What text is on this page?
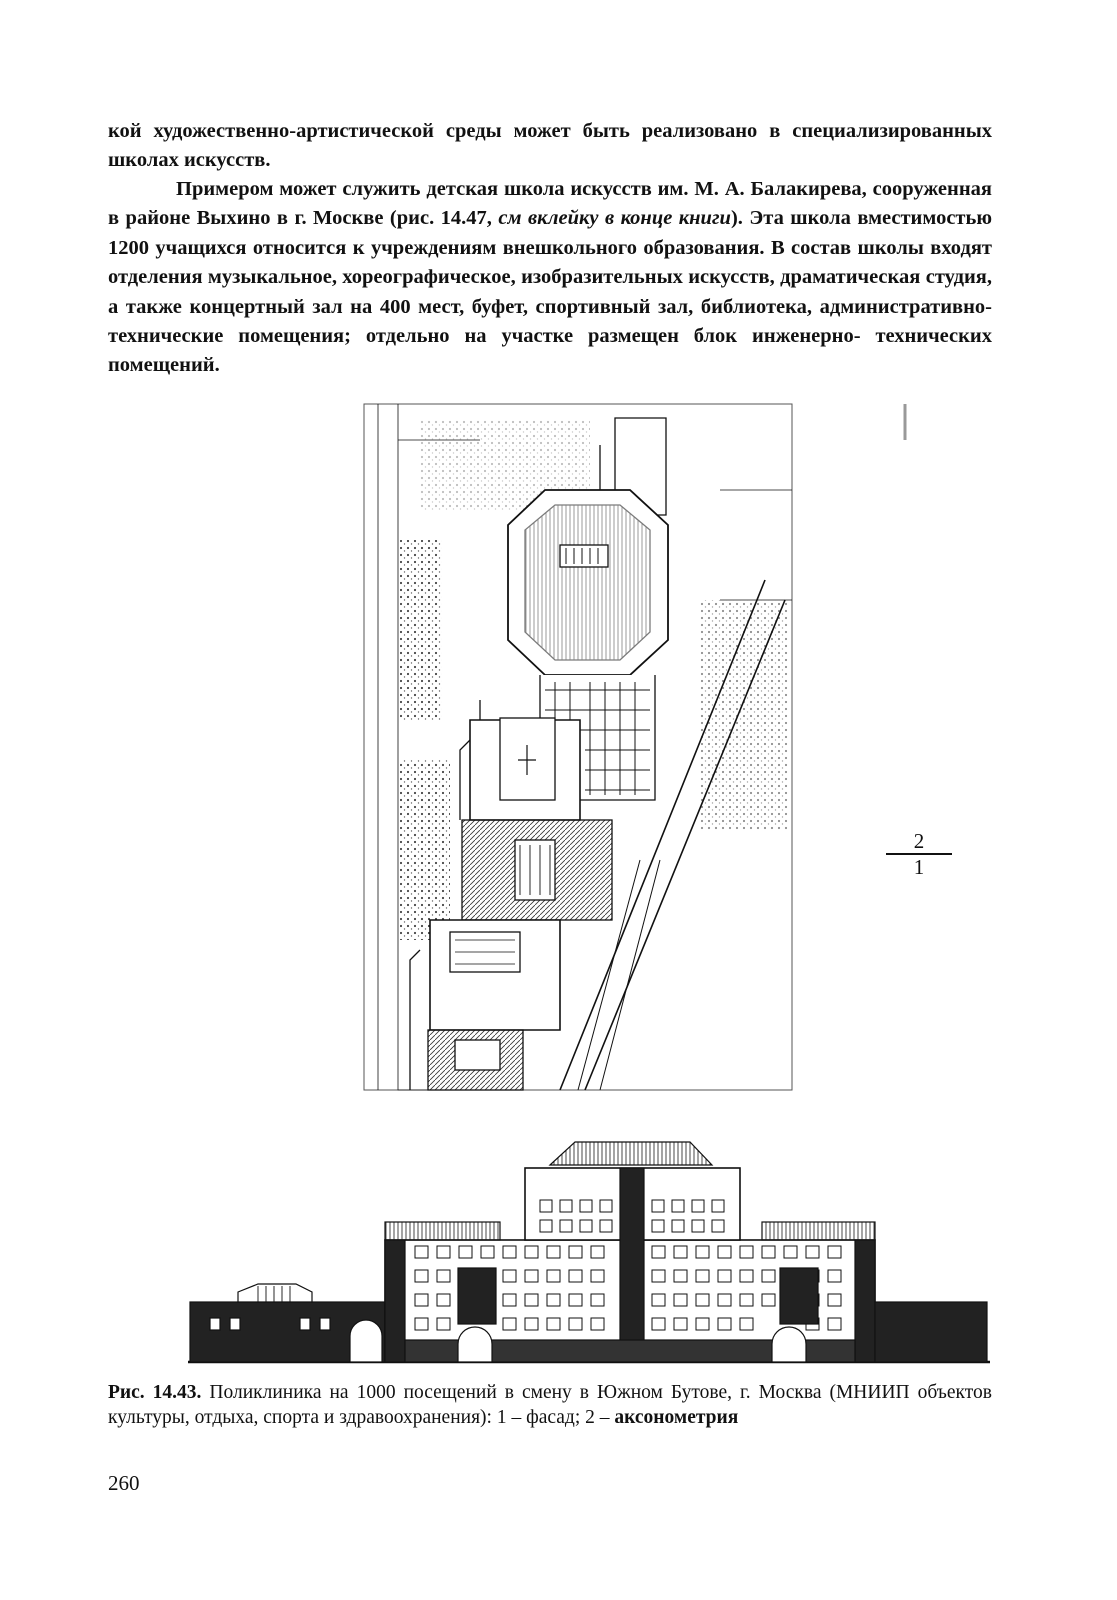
кой художественно-артистической среды может быть реализовано в специализированных школах искусств.

Примером может служить детская школа искусств им. М. А. Балакирева, сооруженная в районе Выхино в г. Москве (рис. 14.47, см вклейку в конце книги). Эта школа вместимостью 1200 учащихся относится к учреждениям внешкольного образования. В состав школы входят отделения музыкальное, хореографическое, изобразительных искусств, драматическая студия, а также концертный зал на 400 мест, буфет, спортивный зал, библиотека, административно-технические помещения; отдельно на участке размещен блок инженерно- технических помещений.

2
1

Рис. 14.43. Поликлиника на 1000 посещений в смену в Южном Бутове, г. Москва (МНИИП объектов культуры, отдыха, спорта и здравоохранения): 1 – фасад; 2 – аксонометрия

260
